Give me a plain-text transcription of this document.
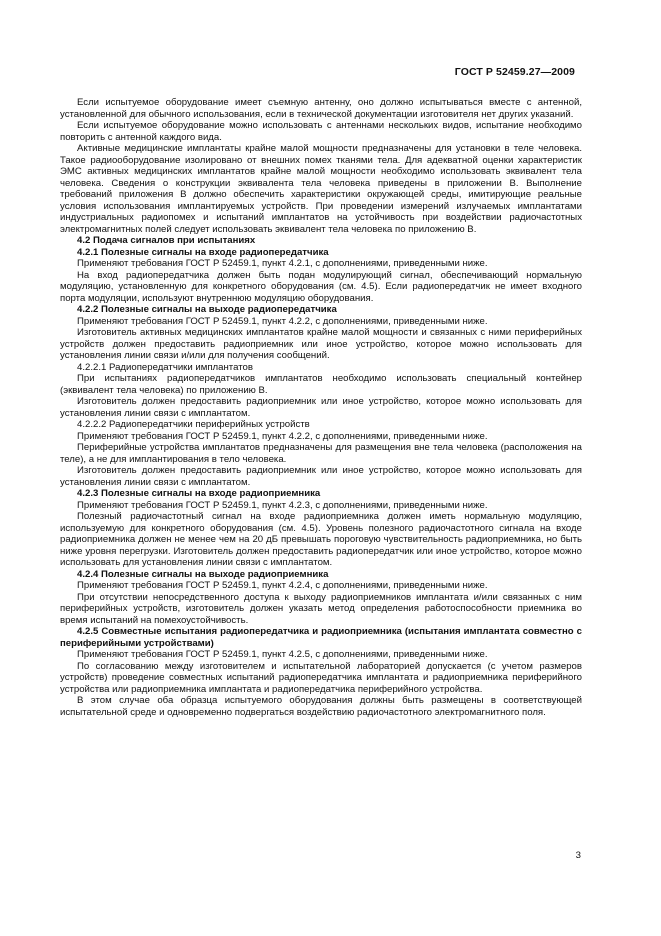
ГОСТ Р 52459.27—2009

Если испытуемое оборудование имеет съемную антенну, оно должно испытываться вместе с антенной, установленной для обычного использования, если в технической документации изготовителя нет других указаний.

Если испытуемое оборудование можно использовать с антеннами нескольких видов, испытание необходимо повторить с антенной каждого вида.

Активные медицинские имплантаты крайне малой мощности предназначены для установки в теле человека. Такое радиооборудование изолировано от внешних помех тканями тела. Для адекватной оценки характеристик ЭМС активных медицинских имплантатов крайне малой мощности необходимо использовать эквивалент тела человека. Сведения о конструкции эквивалента тела человека приведены в приложении В. Выполнение требований приложения В должно обеспечить характеристики окружающей среды, имитирующие реальные условия использования имплантируемых устройств. При проведении измерений излучаемых имплантатами индустриальных радиопомех и испытаний имплантатов на устойчивость при воздействии радиочастотных электромагнитных полей следует использовать эквивалент тела человека по приложению В.

4.2 Подача сигналов при испытаниях

4.2.1 Полезные сигналы на входе радиопередатчика

Применяют требования ГОСТ Р 52459.1, пункт 4.2.1, с дополнениями, приведенными ниже.

На вход радиопередатчика должен быть подан модулирующий сигнал, обеспечивающий нормальную модуляцию, установленную для конкретного оборудования (см. 4.5). Если радиопередатчик не имеет входного порта модуляции, используют внутреннюю модуляцию оборудования.

4.2.2 Полезные сигналы на выходе радиопередатчика

Применяют требования ГОСТ Р 52459.1, пункт 4.2.2, с дополнениями, приведенными ниже.

Изготовитель активных медицинских имплантатов крайне малой мощности и связанных с ними периферийных устройств должен предоставить радиоприемник или иное устройство, которое можно использовать для установления линии связи и/или для получения сообщений.

4.2.2.1 Радиопередатчики имплантатов

При испытаниях радиопередатчиков имплантатов необходимо использовать специальный контейнер (эквивалент тела человека) по приложению В.

Изготовитель должен предоставить радиоприемник или иное устройство, которое можно использовать для установления линии связи с имплантатом.

4.2.2.2 Радиопередатчики периферийных устройств

Применяют требования ГОСТ Р 52459.1, пункт 4.2.2, с дополнениями, приведенными ниже.

Периферийные устройства имплантатов предназначены для размещения вне тела человека (расположения на теле), а не для имплантирования в тело человека.

Изготовитель должен предоставить радиоприемник или иное устройство, которое можно использовать для установления линии связи с имплантатом.

4.2.3 Полезные сигналы на входе радиоприемника

Применяют требования ГОСТ Р 52459.1, пункт 4.2.3, с дополнениями, приведенными ниже.

Полезный радиочастотный сигнал на входе радиоприемника должен иметь нормальную модуляцию, используемую для конкретного оборудования (см. 4.5). Уровень полезного радиочастотного сигнала на входе радиоприемника должен не менее чем на 20 дБ превышать пороговую чувствительность радиоприемника, но быть ниже уровня перегрузки. Изготовитель должен предоставить радиопередатчик или иное устройство, которое можно использовать для установления линии связи с имплантатом.

4.2.4 Полезные сигналы на выходе радиоприемника

Применяют требования ГОСТ Р 52459.1, пункт 4.2.4, с дополнениями, приведенными ниже.

При отсутствии непосредственного доступа к выходу радиоприемников имплантата и/или связанных с ним периферийных устройств, изготовитель должен указать метод определения работоспособности приемника во время испытаний на помехоустойчивость.

4.2.5 Совместные испытания радиопередатчика и радиоприемника (испытания имплантата совместно с периферийными устройствами)

Применяют требования ГОСТ Р 52459.1, пункт 4.2.5, с дополнениями, приведенными ниже.

По согласованию между изготовителем и испытательной лабораторией допускается (с учетом размеров устройств) проведение совместных испытаний радиопередатчика имплантата и радиоприемника периферийного устройства или радиоприемника имплантата и радиопередатчика периферийного устройства.

В этом случае оба образца испытуемого оборудования должны быть размещены в соответствующей испытательной среде и одновременно подвергаться воздействию радиочастотного электромагнитного поля.

3
